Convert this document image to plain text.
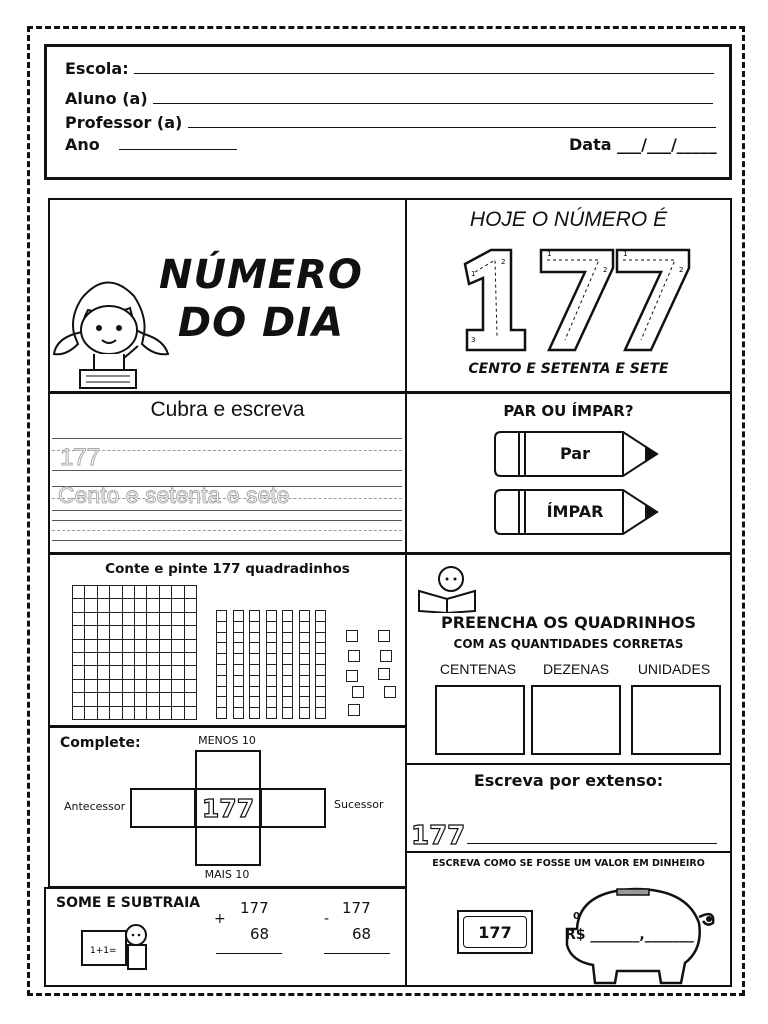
Escola:
Aluno (a)
Professor (a)
Ano	Data ___/___/_____
NÚMERO
DO DIA
HOJE O NÚMERO É
1
2
3
1
2
1
2
CENTO E SETENTA E SETE
Cubra e escreva
177
Cento e setenta e sete
PAR OU ÍMPAR?
Par
ÍMPAR
Conte e pinte 177 quadradinhos
PREENCHA OS QUADRINHOS
COM AS QUANTIDADES CORRETAS
CENTENAS	DEZENAS	UNIDADES
Complete:	MENOS 10
177
MAIS 10
Antecessor	Sucessor
Escreva por extenso:
177
ESCREVA COMO SE FOSSE UM VALOR EM DINHEIRO
177
0
R$ _______,_______
SOME E SUBTRAIA
1+1=
177
+
68
177
-
68
